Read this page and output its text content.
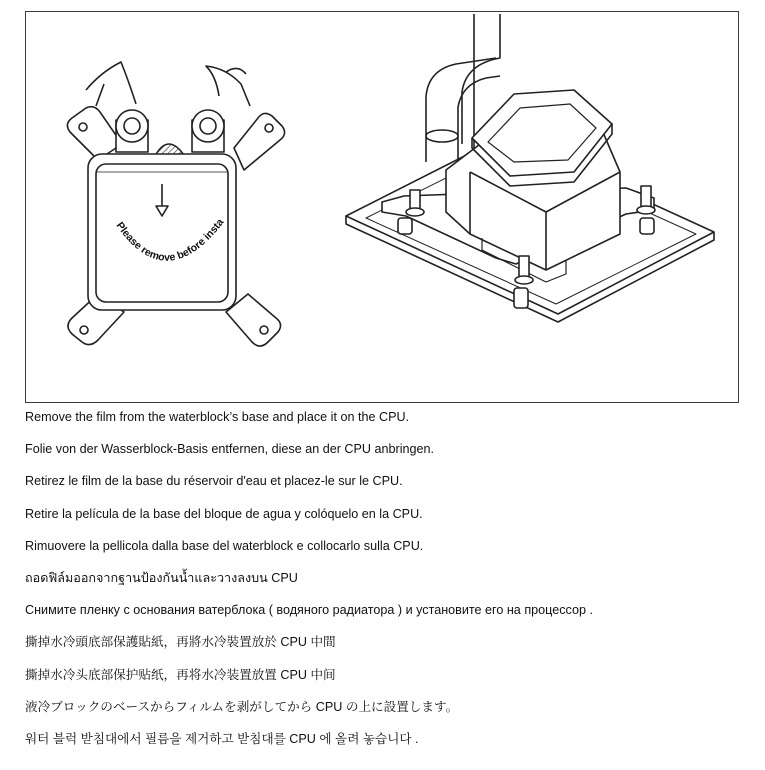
Please remove before insta
Remove the film from the waterblock’s base and place it on the CPU.
Folie von der Wasserblock-Basis entfernen, diese an der CPU anbringen.
Retirez le film de la base du réservoir d'eau et placez-le sur le CPU.
Retire la película de la base del bloque de agua y colóquelo en la CPU.
Rimuovere la pellicola dalla base del waterblock e collocarlo sulla CPU.
ถอดฟิล์มออกจากฐานป้องกันน้ำและวางลงบน CPU
Снимите пленку с основания ватерблока ( водяного радиатора ) и установите его на процессор .
撕掉水冷頭底部保護貼紙，再將水冷裝置放於 CPU 中間
撕掉水冷头底部保护贴纸，再将水冷装置放置 CPU 中间
液冷ブロックのベースからフィルムを剥がしてから CPU の上に設置します。
워터 블럭 받침대에서 필름을 제거하고 받침대를 CPU 에 올려 놓습니다 .
